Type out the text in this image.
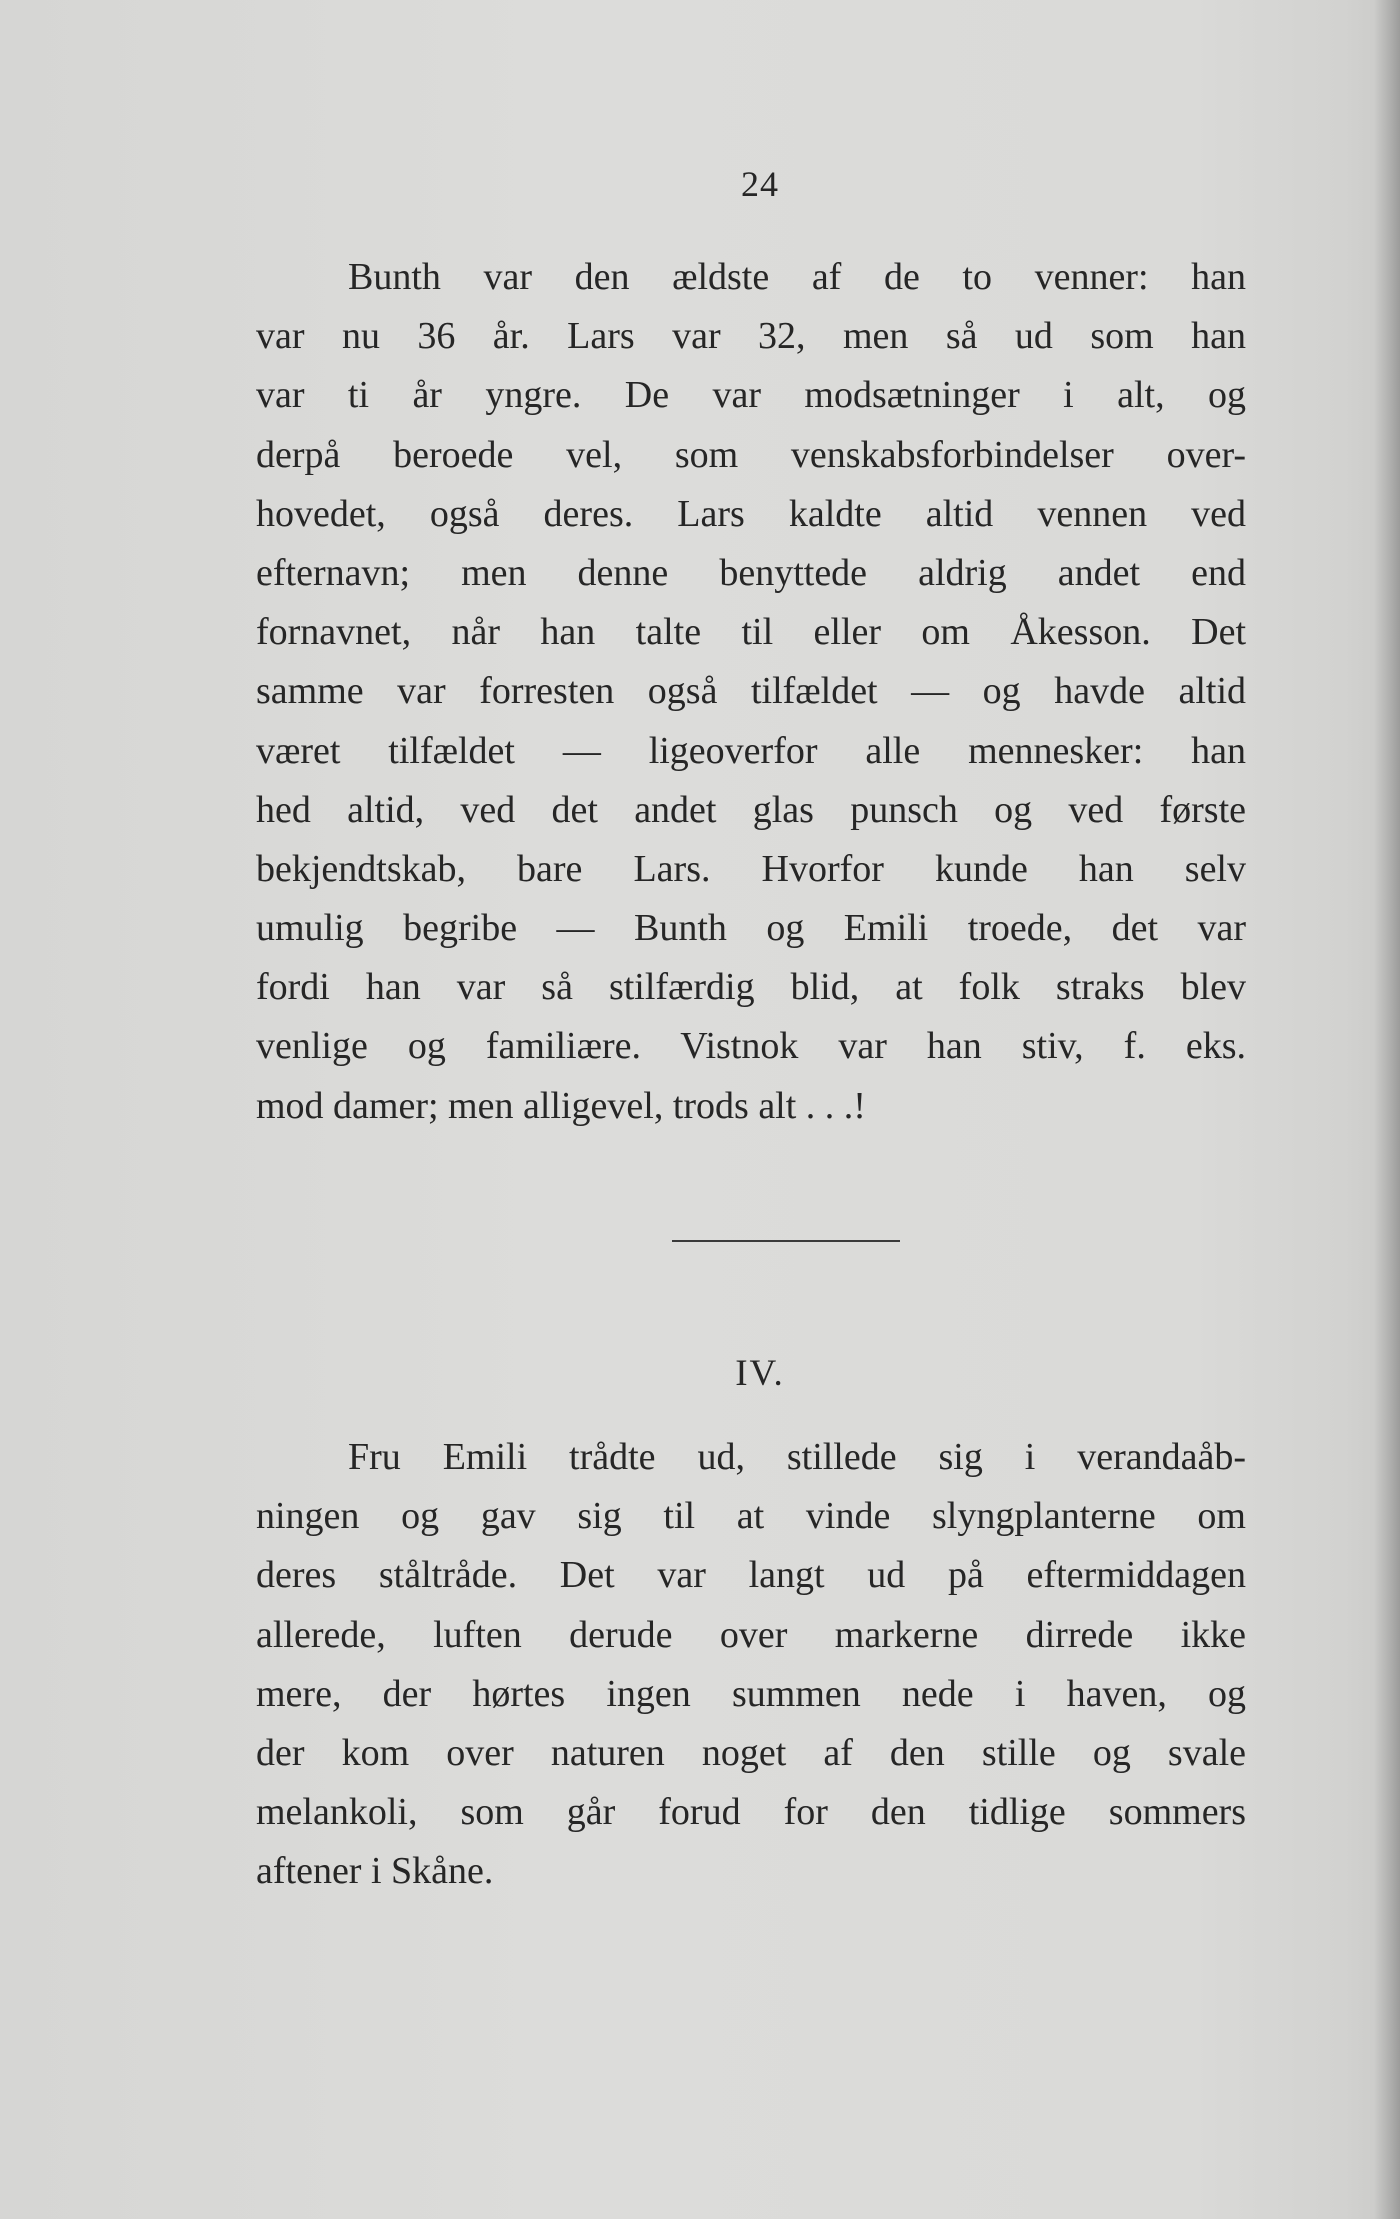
24
Bunth var den ældste af de to venner: han
var nu 36 år. Lars var 32, men så ud som han
var ti år yngre. De var modsætninger i alt, og
derpå beroede vel, som venskabsforbindelser over-
hovedet, også deres. Lars kaldte altid vennen ved
efternavn; men denne benyttede aldrig andet end
fornavnet, når han talte til eller om Åkesson. Det
samme var forresten også tilfældet — og havde altid
været tilfældet — ligeoverfor alle mennesker: han
hed altid, ved det andet glas punsch og ved første
bekjendtskab, bare Lars. Hvorfor kunde han selv
umulig begribe — Bunth og Emili troede, det var
fordi han var så stilfærdig blid, at folk straks blev
venlige og familiære. Vistnok var han stiv, f. eks.
mod damer; men alligevel, trods alt . . .!
IV.
Fru Emili trådte ud, stillede sig i verandaåb-
ningen og gav sig til at vinde slyngplanterne om
deres ståltråde. Det var langt ud på eftermiddagen
allerede, luften derude over markerne dirrede ikke
mere, der hørtes ingen summen nede i haven, og
der kom over naturen noget af den stille og svale
melankoli, som går forud for den tidlige sommers
aftener i Skåne.
